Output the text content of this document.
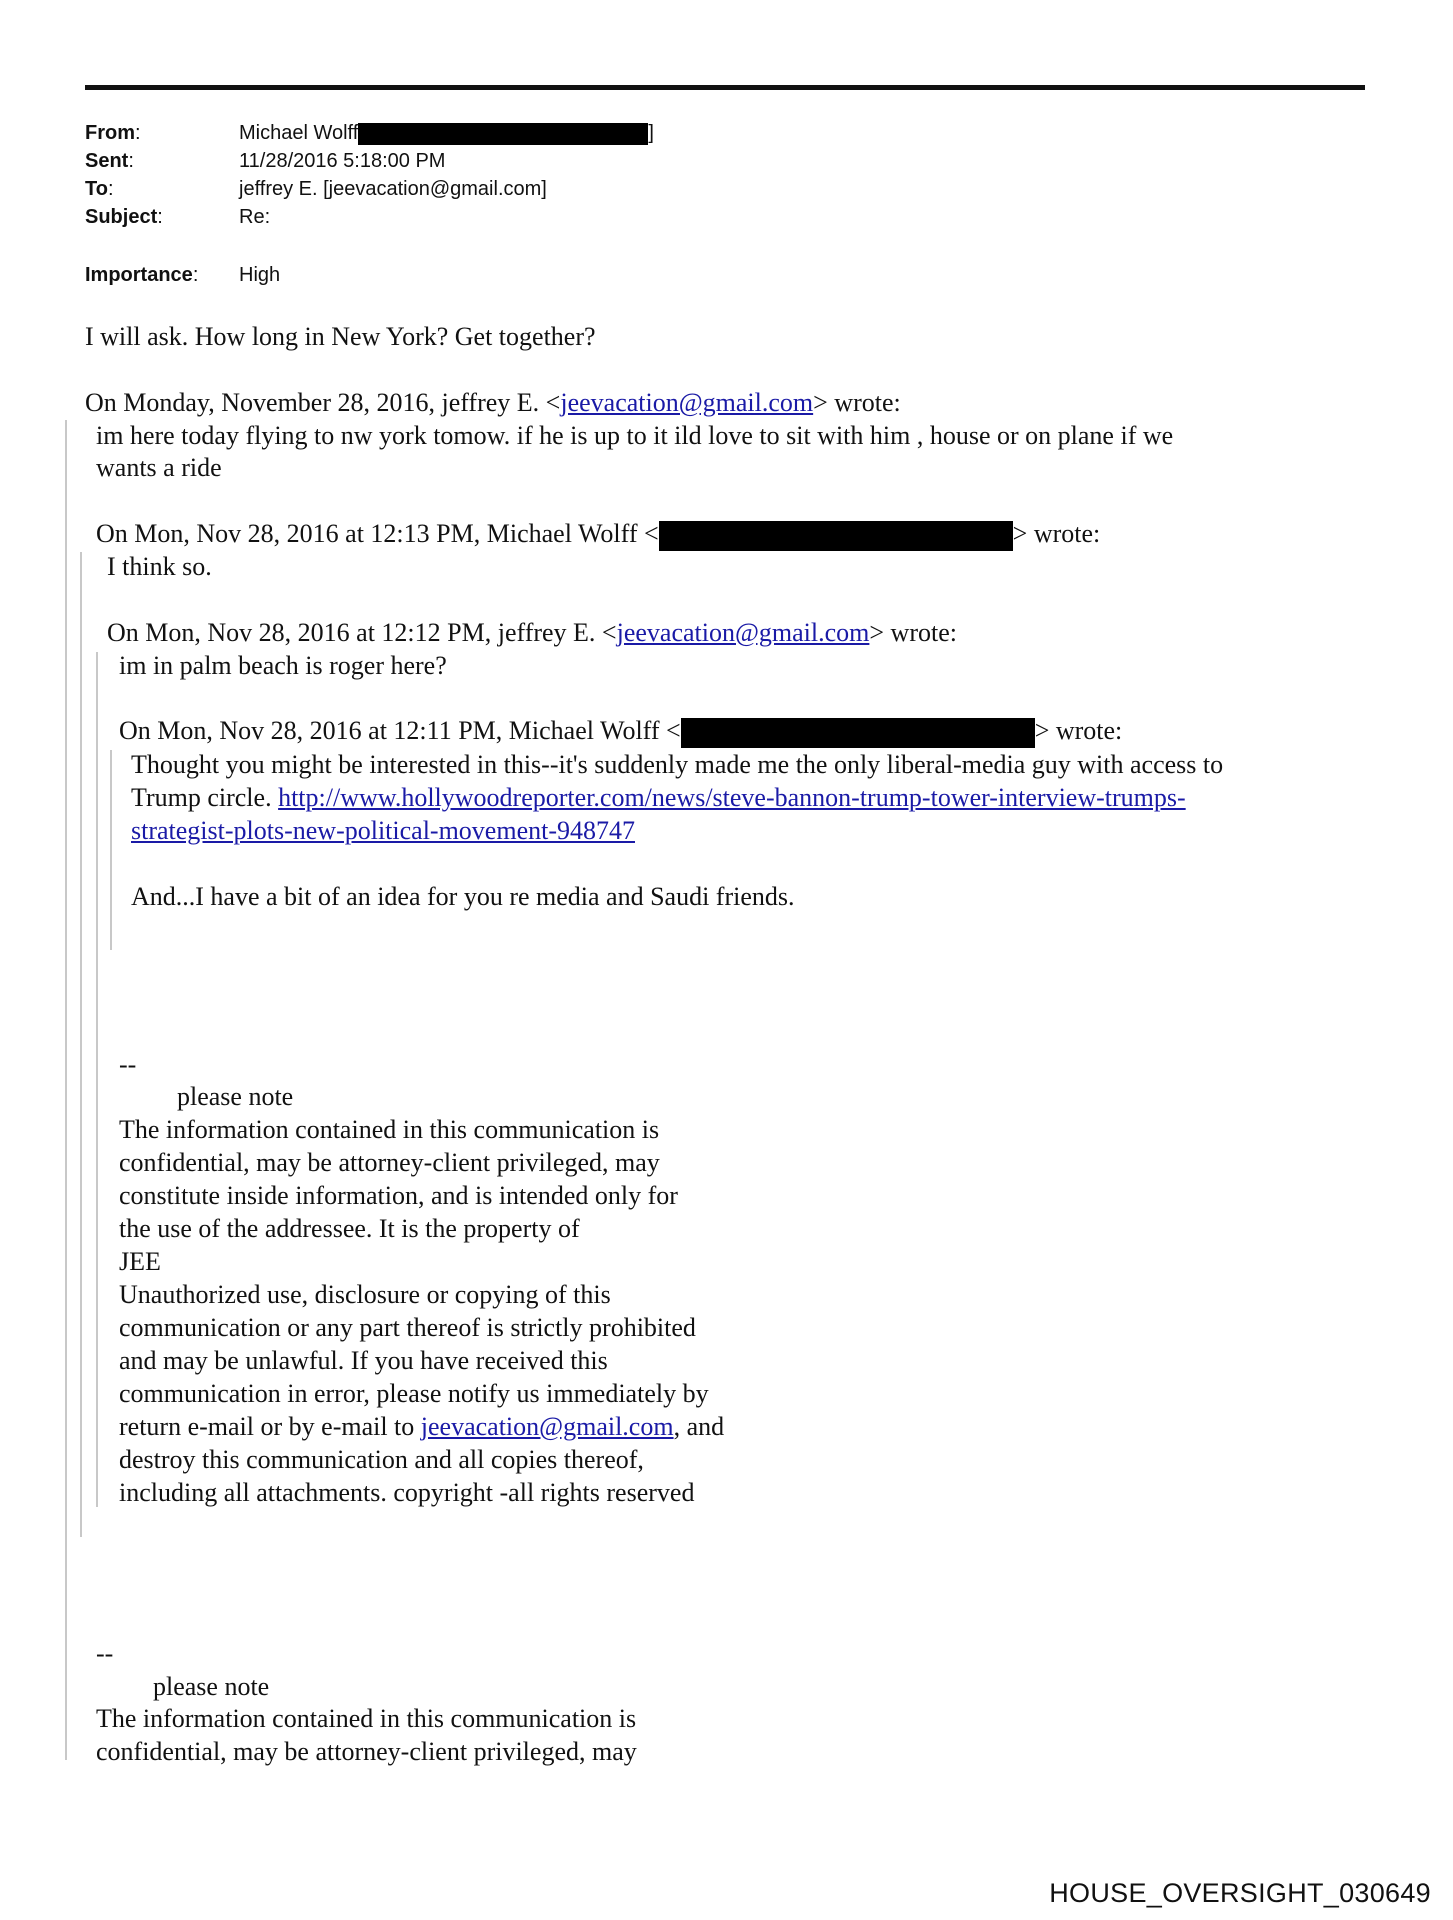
From:	Michael Wolff	]
Sent:	11/28/2016 5:18:00 PM
To:	jeffrey E. [jeevacation@gmail.com]
Subject:	Re:
Importance: High
I will ask. How long in New York? Get together?
On Monday, November 28, 2016, jeffrey E. <jeevacation@gmail.com> wrote:
im here today flying to nw york tomow. if he is up to it ild love to sit with him , house or on plane if we
wants a ride
On Mon, Nov 28, 2016 at 12:13 PM, Michael Wolff <	> wrote:
I think so.
On Mon, Nov 28, 2016 at 12:12 PM, jeffrey E. <jeevacation@gmail.com> wrote:
im in palm beach is roger here?
On Mon, Nov 28, 2016 at 12:11 PM, Michael Wolff <	> wrote:
Thought you might be interested in this--it's suddenly made me the only liberal-media guy with access to
Trump circle. http://www.hollywoodreporter.com/news/steve-bannon-trump-tower-interview-trumps-
strategist-plots-new-political-movement-948747
And...I have a bit of an idea for you re media and Saudi friends.
--
please note
The information contained in this communication is
confidential, may be attorney-client privileged, may
constitute inside information, and is intended only for
the use of the addressee. It is the property of
JEE
Unauthorized use, disclosure or copying of this
communication or any part thereof is strictly prohibited
and may be unlawful. If you have received this
communication in error, please notify us immediately by
return e-mail or by e-mail to jeevacation@gmail.com, and
destroy this communication and all copies thereof,
including all attachments. copyright -all rights reserved
--
please note
The information contained in this communication is
confidential, may be attorney-client privileged, may
HOUSE_OVERSIGHT_030649
